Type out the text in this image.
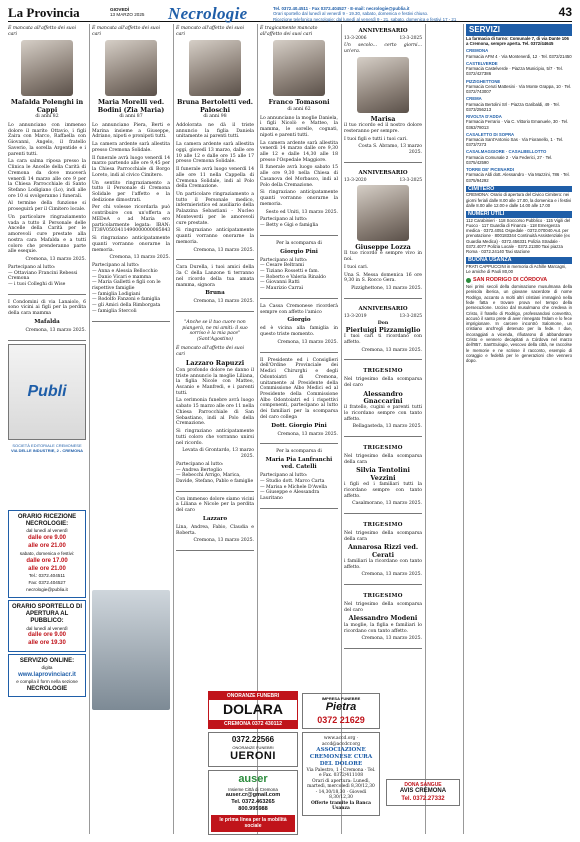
La Provincia	GIOVEDÌ
13 MARZO 2025 Necrologie	Tel. 0372.40.4511 · Fax 0372.404527 · E-mail: necrologie@publia.it
Orari sportello dal lunedì al venerdì 9 - 19.30, sabato, domenica e festivi chiuso.
Ricezione telefonica necrologie: dal lunedì al venerdì 9 - 21, sabato, domenica e festivi 17 - 21
43
È mancata all'affetto dei suoi cari
Mafalda Polenghi in Cappi
di anni 82

Lo annunciano con immenso dolore il marito Ottavio, i figli Zaira con Marco, Raffaella con Giovanni, Angelo, il fratello Saverio, la sorella Argentide e i parenti tutti.

La cara salma riposa presso la Clinica le Ancelle della Carità di Cremona da dove muoverà venerdì 14 marzo alle ore 9 per la Chiesa Parrocchiale di Santo Stefano Lodigiano (Lo), indi alle ore 10 si svolgeranno i funerali.

Al termine della funzione si proseguirà per il Cimitero locale.

Un particolare ringraziamento vada a tutto il Personale delle Ancelle della Carità per le amorevoli cure prestate alla nostra cara Mafalda e a tutti coloro che prenderanno parte alle esequie.

Cremona, 13 marzo 2025.

Partecipano al lutto:
— Ottaviano Francini Rebessi
Cremona
— i tuoi Colleghi di Wise

I Condomini di via Lanaiolo, 6 sono vicini ai figli per la perdita della cara mamma

Mafalda

Cremona, 13 marzo 2025.

Publi
SOCIETÀ EDITORIALE CREMONESE
VIA DELLE INDUSTRIE, 2 - CREMONA
È mancata all'affetto dei suoi cari
Maria Morelli ved. Bodini (Zia Maria)
di anni 87

Lo annunciano Piera, Berti e Marina insieme a Giuseppe, Adriano, nipoti e pronipoti tutti.

La camera ardente sarà allestita presso Cremona Solidale.

Il funerale avrà luogo venerdì 14 marzo partendo alle ore 9,45 per la Chiesa Parrocchiale di Borgo Loreto, indi al civico Cimitero.

Un sentito ringraziamento a tutto il Personale di Cremona Solidale per l'affetto e la dedizione dimostrati.

Per chi volesse ricordarla può contribuire con un'offerta a MEDeA o ad Maria ero particolarmente legata: IBAN: IT38V0503411490000000085843

Si ringraziano anticipatamente quanti vorranno onorarne la memoria.

Cremona, 13 marzo 2025.

Partecipano al lutto:
— Anna e Alessia Bellocchio
— Danio Vicari e mamma
— Maria Galletti e figli con le rispettive famiglie
— famiglia Lodigiani
— Rodolfo Fanzoni e famiglia
— gli Amici della Rimborgata
— famiglia Stercoli

ORARIO RICEZIONE NECROLOGIE:
dal lunedì al venerdì
dalle ore 9.00
alle ore 21.00
sabato, domenica e festivi:
dalle ore 17.00
alle ore 21.00
Tel.: 0372.404511
Fax: 0372.404527
necrologie@publia.it
ORARIO SPORTELLO DI APERTURA AL PUBBLICO:
dal lunedì al venerdì
dalle ore 9.00
alle ore 19.30
SERVIZIO ONLINE:
digita
www.laprovinciacr.it
e compila il form nella sezione
NECROLOGIE
È mancato all'affetto dei suoi cari
Bruna Bertoletti ved. Paloschi
di anni 98

Addolorata ne dà il triste annuncio la figlia Daniela unitamente ai parenti tutti.

La camera ardente sarà allestita oggi, giovedì 13 marzo, dalle ore 10 alle 12 e dalle ore 15 alle 17 presso Cremona Solidale.

Il funerale avrà luogo venerdì 14 alle ore 11 nella Cappella di Cremona Solidale, indi al Polo della Cremazione.

Un particolare ringraziamento a tutto il Personale medico, infermieristico ed ausiliario della Palazzina Sebastiani - Nucleo Monteverdi per le amorevoli cure prestate.

Si ringraziano anticipatamente quanti vorranno onorarne la memoria.

Cremona, 13 marzo 2025.

Cara Durella, i tuoi amici della 3a C della Lanzone ti terranno nel ricordo della tua amata mamma, signora

Bruna

Cremona, 13 marzo 2025.

"Anche se il tuo cuore non piangerà, ne mi amiti: il suo sorriso è la mia pace"
(Sant'Agostino)
È mancato all'affetto dei suoi cari
Lazzaro Rapuzzi

Con profondo dolore ne danno il triste annuncio la moglie Liliana, la figlia Nicole con Matteo, Ascanio e Manfredi, e i parenti tutti.

La cerimonia funebre avrà luogo sabato 15 marzo alle ore 11 nella Chiesa Parrocchiale di San Sebastiano, indi al Polo della Cremazione.

Si ringraziano anticipatamente tutti coloro che vorranno unirsi nel ricordo.

Levata di Grontardo, 13 marzo 2025.

Partecipano al lutto:
— Andrea Bertoglio
— Rebecchi Arrigo, Marica, Davide, Stefano, Pablo e famiglie

Con immenso dolore siamo vicini a Liliana e Nicole per la perdita del caro

Lazzaro

Lina, Andrea, Fabio, Claudia e Roberta.

Cremona, 13 marzo 2025.

ONORANZE FUNEBRI
DOLARA
CREMONA 0372 430112
0372.22566
ONORANZE FUNEBRI
UERONI
auser
Insieme Città di Cremona
auser.cr@gmail.com
Tel. 0372.463265
800.995988
le prima linea per la mobilità sociale
È tragicamente mancato all'affetto dei suoi cari
Franco Tomasoni
di anni 62

Lo annunciano la moglie Daniela, i figli Nicolò e Matteo, la mamma, le sorelle, cognati, nipoti e parenti tutti.

La camera ardente sarà allestita venerdì 14 marzo dalle ore 9,30 alle 12 e dalle 14,30 alle 18 presso l'Ospedale Maggiore.

Il funerale avrà luogo sabato 15 alle ore 9,30 nella Chiesa di Casanova del Morbasco, indi al Polo della Cremazione.

Si ringraziano anticipatamente quanti vorranno onorarne la memoria.

Sesto ed Uniti, 13 marzo 2025.

Partecipano al lutto:
— Betty e Gigi e famiglia

Per la scomparsa di

Giorgio Pini

Partecipano al lutto:
— Cesare Beltrami
— Tiziano Rossetti e fam.
— Roberto e Valeria Rinaldo
— Giovanni Ratti
— Maurizio Carraì

La Cassa Cremonese ricorderà sempre con affetto l'amico

Giorgio

ed è vicina alla famiglia in questo triste momento.

Cremona, 13 marzo 2025.

Il Presidente ed i Consiglieri dell'Ordine Provinciale dei Medici Chirurghi e degli Odontoiatri di Cremona, unitamente al Presidente della Commissione Albo Medici ed al Presidente della Commissione Albo Odontoiatri ed i rispettivi componenti, partecipano al lutto dei familiari per la scomparsa del caro collega

Dott. Giorgio Pini

Cremona, 13 marzo 2025.

Per la scomparsa di

Maria Pia Lanfranchi ved. Catelli

Partecipano al lutto:
— Studio dott. Marco Carta
— Marisa e Michele D'Avella
— Giuseppe e Alessandra Lauritano

IMPRESA FUNEBRE
Pietra
0372 21629
www.accd.org · accd@accdcr.org
ASSOCIAZIONE CREMONESE CURA DEL DOLORE
Via Palestro, 1 - Cremona · Tel. e Fax. 0372/411108
Orari di apertura: Lunedì, martedì, mercoledì 8,30/12,30 - 14,30/18,30 · Giovedì 8,30/12,30
Offerte tramite la Banca Usanza
ANNIVERSARIO
13-3-2006	13-3-2025

Un secolo... certo giorni... un'era.

Marisa

il tuo ricordo ed il nostro dolore resteranno per sempre.

I tuoi figli e tutti i tuoi cari.

Costa S. Abramo, 13 marzo 2025.

ANNIVERSARIO
13-3-2020	13-3-2025
Giuseppe Lozza

Il tuo ricordo è sempre vivo in noi.

I tuoi cari.

Una S. Messa domenica 16 ore 9,30 in S. Rocco Gera.

Pizzighettone, 13 marzo 2025.

ANNIVERSARIO
13-3-2019	13-3-2025
Don
Pierluigi Pizzamiglio

I tuoi cari ti ricordano con affetto.

Cremona, 13 marzo 2025.

TRIGESIMO

Nel trigesimo della scomparsa del caro

Alessandro Gnaccarini

il fratello, cugini e parenti tutti lo ricordano sempre con tanto affetto.

Bellagasteda, 13 marzo 2025.

TRIGESIMO

Nel trigesimo della scomparsa della cara

Silvia Tentolini Vezzini

i figli ed i familiari tutti la ricordano sempre con tanto affetto.

Casalmorano, 13 marzo 2025.

TRIGESIMO

Nel trigesimo della scomparsa della cara

Annarosa Rizzi ved. Cerati

i familiari la ricordano con tanto affetto.

Cremona, 13 marzo 2025.

TRIGESIMO

Nel trigesimo della scomparsa del caro

Alessandro Modeni

la moglie, la figlia e familiari lo ricordano con tanto affetto.

Cremona, 13 marzo 2025.

DONA SANGUE
AVIS CREMONA
Tel. 0372.27332
SERVIZI
La farmacia di turno: Comunale 7, di via Dante 106 a Cremona, sempre aperta. Tel. 0372/44645
CREMONA
Farmacia AFM 4 · Via Montenerdi, 12 · Tel. 0372/21450
CASTELVERDE
Farmacia Castelverde · Piazza Municipio, 5/7 · Tel. 0372/427386
PIZZIGHETTONE
Farmacia Ceruti Mattesini · Via Monte Grappa, 10 · Tel. 0372/743007
CREMA
Farmacia Bertolini Srl · Piazza Garibaldi, 49 · Tel. 0373/256213
RIVOLTA D'ADDA
Farmacia Ferrario · Via C. Vittorio Emanuele, 30 · Tel. 0363/78013
CASALETTO DI SOPRA
Farmacia Sant'Antonio Sas · Via Fioranello, 1 · Tel. 0373/7273
CASALMAGGIORE · CASALBELLOTTO
Farmacia Comunale 2 · Via Federici, 27 · Tel. 0375/42590
TORRE DE' PICENARDI
Farmacia Aldi dott. Alessandro · Via Mazzini, 786 · Tel. 0375/94292
CIMITERO
CREMONA: Orario di apertura del Civico Cimitero: nei giorni feriali dalle 8.00 alle 17.00, la domenica e i festivi dalle 8.00 alle 12.00 e dalle 14.00 alle 17.00
NUMERI UTILI
112 Carabinieri · 118 Soccorso Pubblico · 115 Vigili del Fuoco · 117 Guardia di Finanza · 118 Emergenza medica · 0372.4051 Ospedale · 0372.070040 Aut. per prenotazione · 800183344 Continuità Assistenziale (ex Guardia Medica) · 0372.456331 Polizia Stradale · 0372.4077 Polizia Locale · 0372.21300 Taxi piazza Roma · 0372.24140 Taxi stazione
BUONA USANZA
FRATI CAPPUCCINI in memoria di Achille Marcagni, Le amiche di Paoli 80,00
SAN RODRIGO DI CÓRDOVA
Nei primi secoli della dominazione musulmana della penisola iberica, un giovane sacerdote di nome Rodrigo, accanto a molti altri cristiani immaginò nella fede fatta e trovare prova nel tempo della persecuzione. Ucciso dal musulmano che credeva in Cristo, il fratello di Rodrigo, professandosi convertito, accusò il santo prete di aver rinnegato l'Islam e lo fece imprigionare. In carcere incontrò Salomone, un cristiano anch'egli detenuto per la fede. I due, incoraggiati a vicenda, rifiutarono di abbandonare Cristo e vennero decapitati a Córdova nel marzo dell'857. Sant'Eulogio, vescovo della città, ne raccolse le memorie e ne scrisse il racconto, esempio di coraggio e fedeltà per le generazioni che vennero dopo.
